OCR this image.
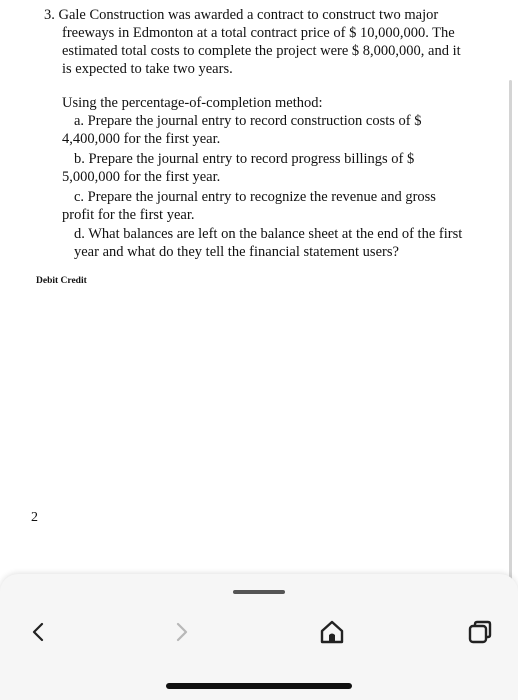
3. Gale Construction was awarded a contract to construct two major
freeways in Edmonton at a total contract price of $ 10,000,000. The
estimated total costs to complete the project were $ 8,000,000, and it
is expected to take two years.
Using the percentage-of-completion method:
a. Prepare the journal entry to record construction costs of $
4,400,000 for the first year.
b. Prepare the journal entry to record progress billings of $
5,000,000 for the first year.
c. Prepare the journal entry to recognize the revenue and gross
profit for the first year.
d. What balances are left on the balance sheet at the end of the first
year and what do they tell the financial statement users?
Debit Credit
2
